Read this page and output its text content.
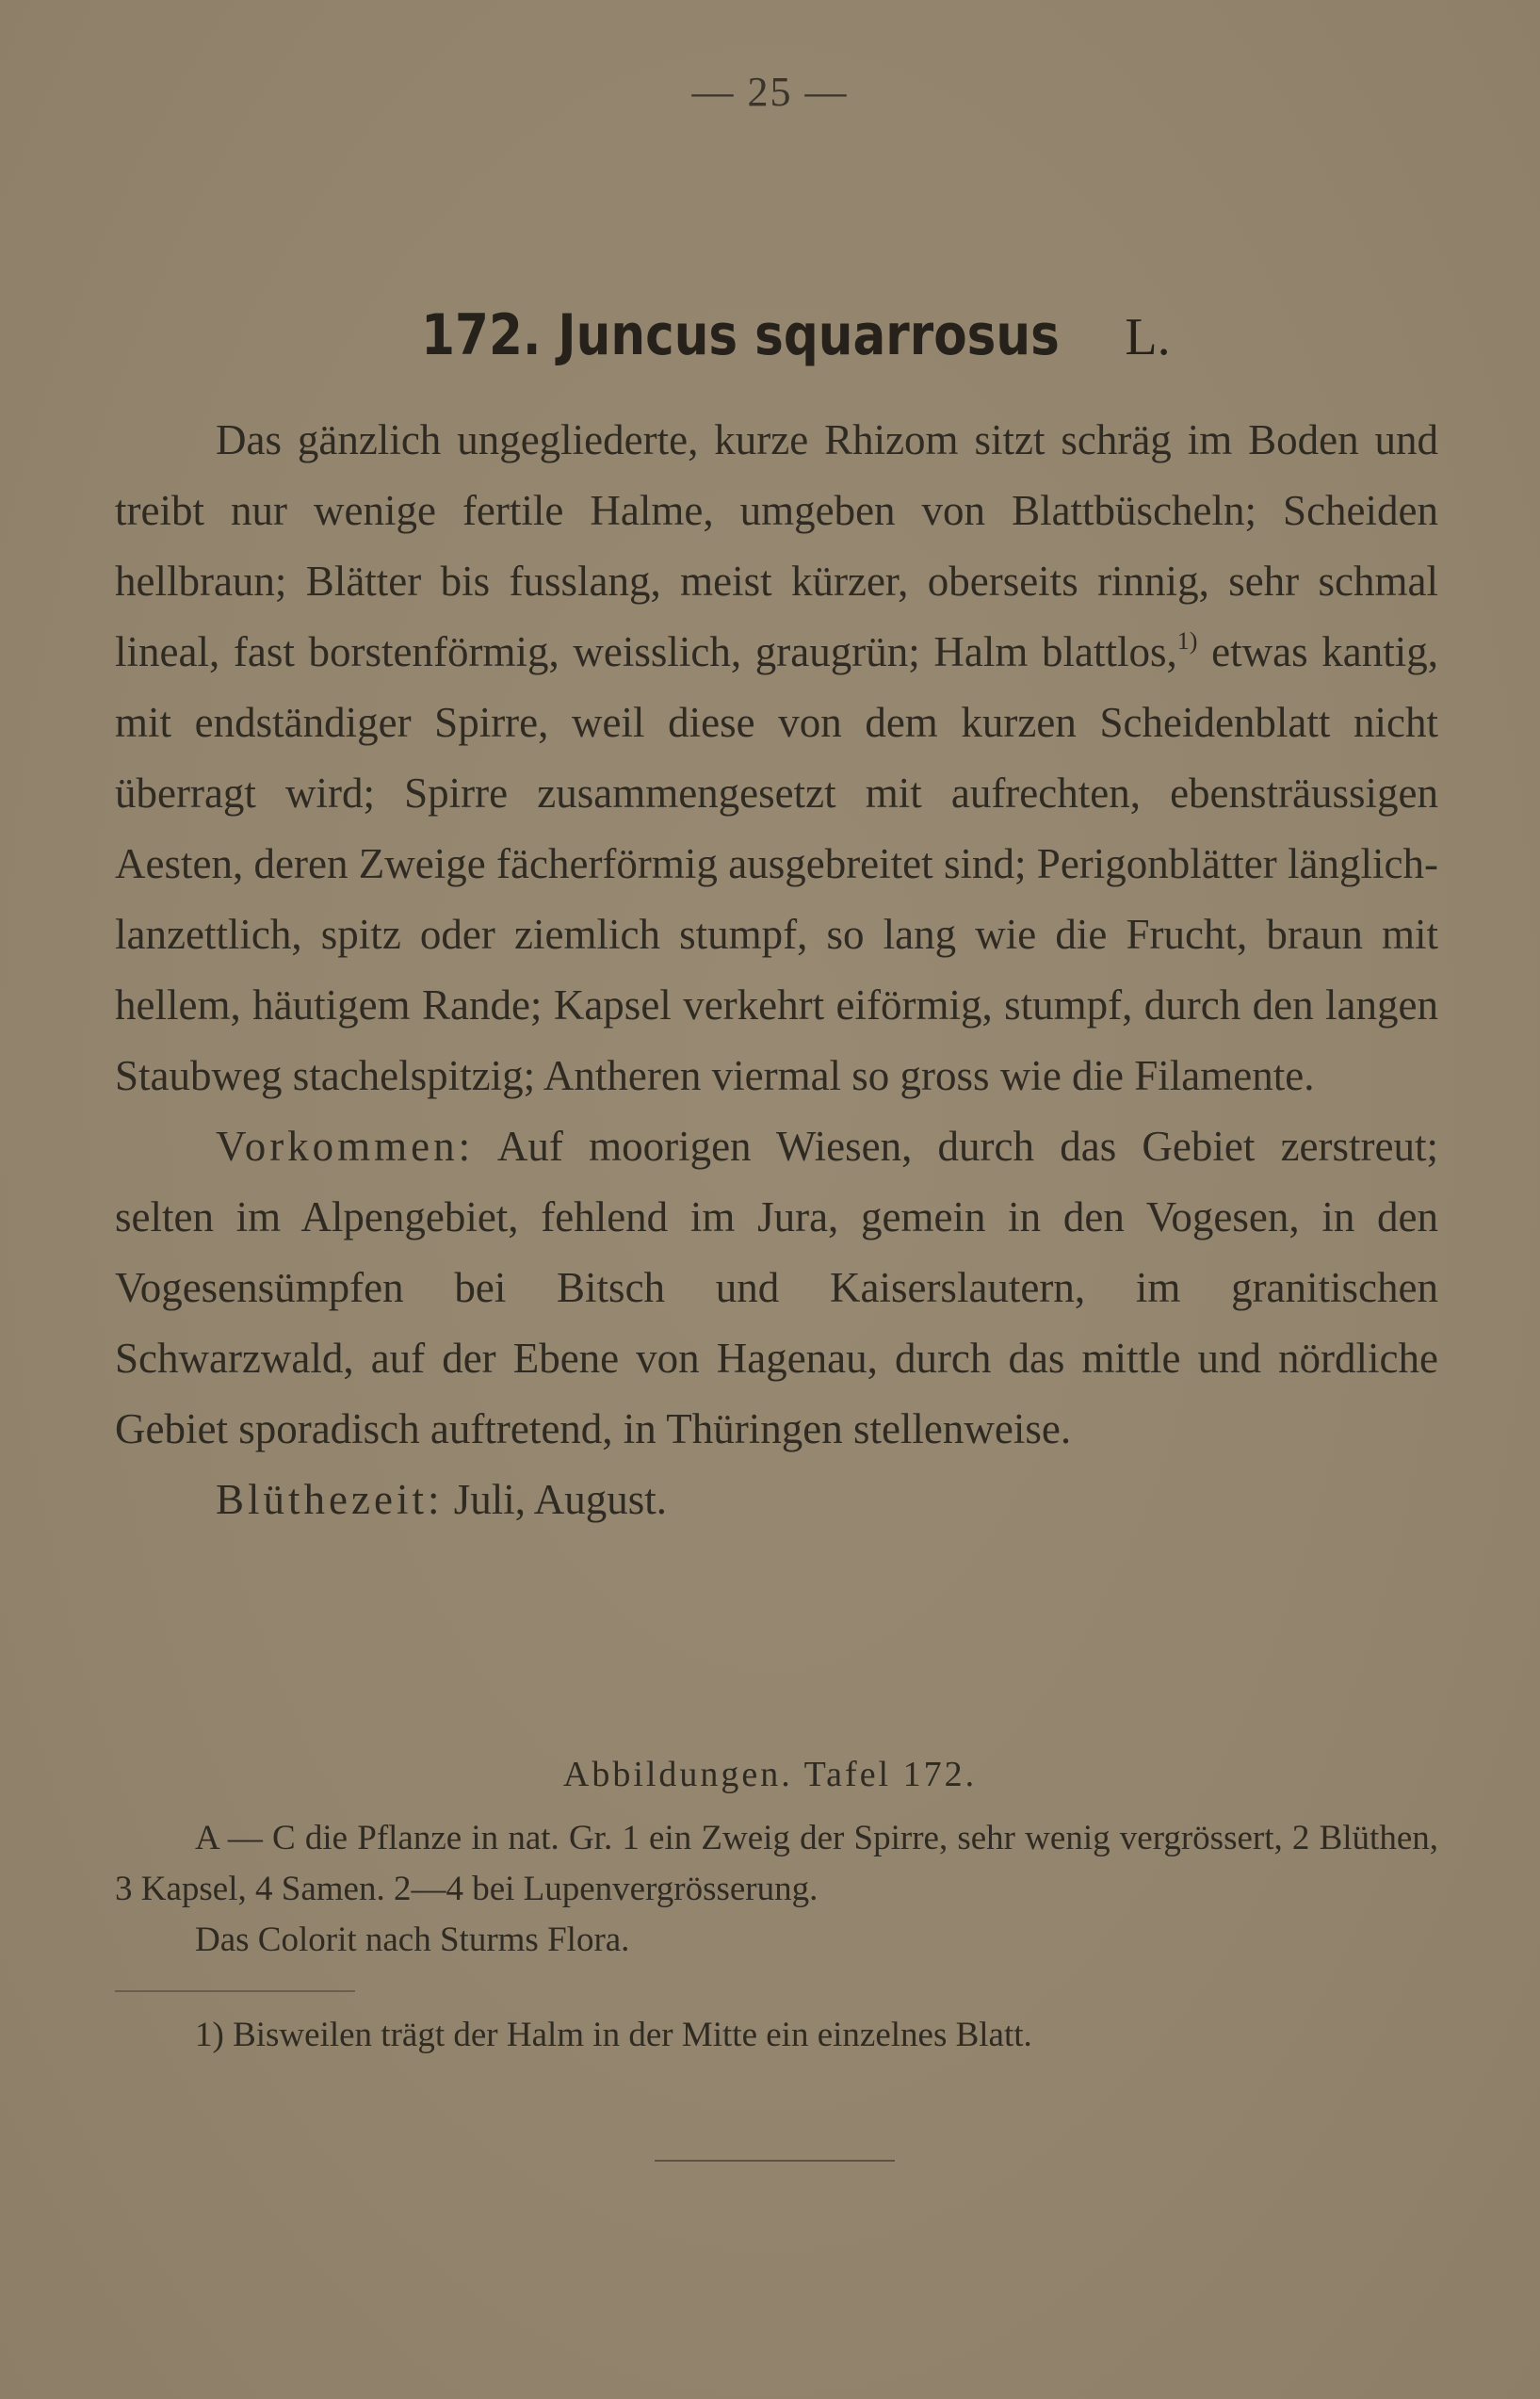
— 25 —
172. Juncus squarrosus L.

Das gänzlich ungegliederte, kurze Rhizom sitzt schräg im Boden und treibt nur wenige fertile Halme, umgeben von Blattbüscheln; Scheiden hellbraun; Blätter bis fusslang, meist kürzer, oberseits rinnig, sehr schmal lineal, fast borstenförmig, weisslich, graugrün; Halm blattlos,$^{1)}$ etwas kantig, mit endständiger Spirre, weil diese von dem kurzen Scheidenblatt nicht überragt wird; Spirre zusammengesetzt mit aufrechten, ebensträussigen Aesten, deren Zweige fächerförmig ausgebreitet sind; Perigonblätter länglich-lanzettlich, spitz oder ziemlich stumpf, so lang wie die Frucht, braun mit hellem, häutigem Rande; Kapsel verkehrt eiförmig, stumpf, durch den langen Staubweg stachelspitzig; Antheren viermal so gross wie die Filamente.

Vorkommen: Auf moorigen Wiesen, durch das Gebiet zerstreut; selten im Alpengebiet, fehlend im Jura, gemein in den Vogesen, in den Vogesensümpfen bei Bitsch und Kaiserslautern, im granitischen Schwarzwald, auf der Ebene von Hagenau, durch das mittle und nördliche Gebiet sporadisch auftretend, in Thüringen stellenweise.

Blüthezeit: Juli, August.

Abbildungen. Tafel 172.

A — C die Pflanze in nat. Gr. 1 ein Zweig der Spirre, sehr wenig vergrössert, 2 Blüthen, 3 Kapsel, 4 Samen. 2—4 bei Lupenvergrösserung.

Das Colorit nach Sturms Flora.

1) Bisweilen trägt der Halm in der Mitte ein einzelnes Blatt.
